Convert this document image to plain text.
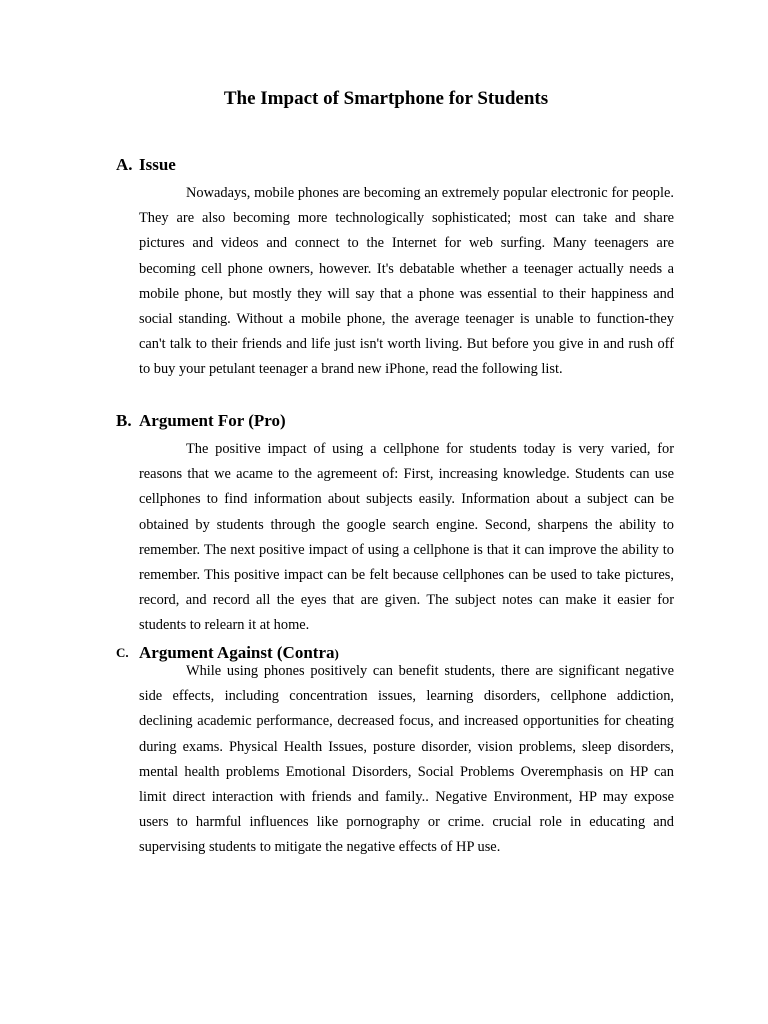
The Impact of Smartphone for Students
A. Issue

Nowadays, mobile phones are becoming an extremely popular electronic for people. They are also becoming more technologically sophisticated; most can take and share pictures and videos and connect to the Internet for web surfing. Many teenagers are becoming cell phone owners, however. It's debatable whether a teenager actually needs a mobile phone, but mostly they will say that a phone was essential to their happiness and social standing. Without a mobile phone, the average teenager is unable to function-they can't talk to their friends and life just isn't worth living. But before you give in and rush off to buy your petulant teenager a brand new iPhone, read the following list.

B. Argument For (Pro)

The positive impact of using a cellphone for students today is very varied, for reasons that we acame to the agremeent of: First, increasing knowledge. Students can use cellphones to find information about subjects easily. Information about a subject can be obtained by students through the google search engine. Second, sharpens the ability to remember. The next positive impact of using a cellphone is that it can improve the ability to remember. This positive impact can be felt because cellphones can be used to take pictures, record, and record all the eyes that are given. The subject notes can make it easier for students to relearn it at home.

C. Argument Against (Contra)

While using phones positively can benefit students, there are significant negative side effects, including concentration issues, learning disorders, cellphone addiction, declining academic performance, decreased focus, and increased opportunities for cheating during exams. Physical Health Issues, posture disorder, vision problems, sleep disorders, mental health problems Emotional Disorders, Social Problems Overemphasis on HP can limit direct interaction with friends and family.. Negative Environment, HP may expose users to harmful influences like pornography or crime. crucial role in educating and supervising students to mitigate the negative effects of HP use.
